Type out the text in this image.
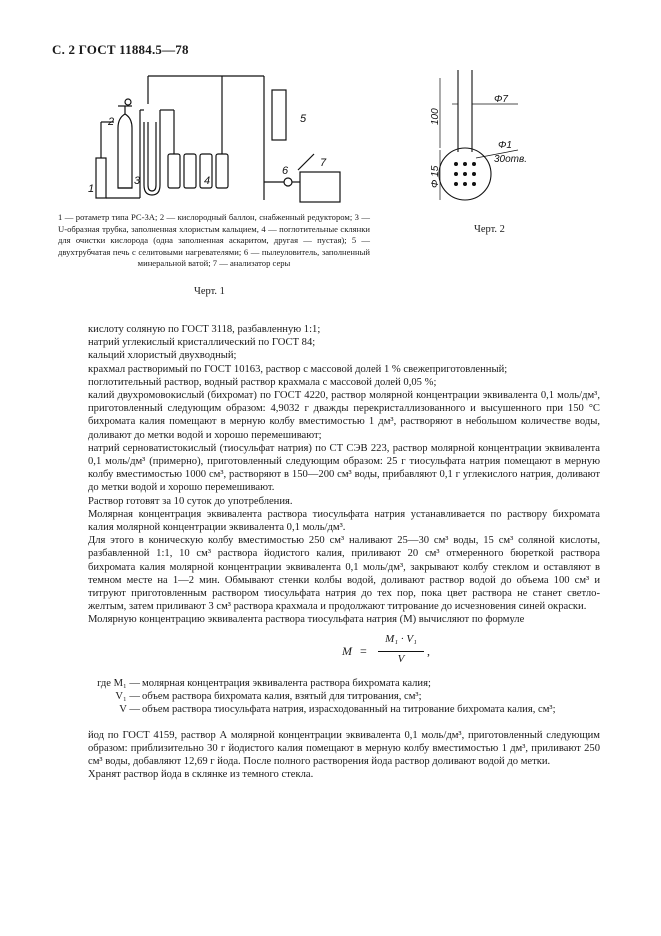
С. 2 ГОСТ 11884.5—78
1
2
3	4
5
6
7
100
Φ7
Φ1
30отв.
Φ 15
1 — ротаметр типа РС-3А; 2 — кислородный баллон, снабженный редуктором; 3 — U-образная трубка, заполненная хлористым кальцием, 4 — поглотительные склянки для очистки кислорода (одна заполненная аскаритом, другая — пустая); 5 — двухтрубчатая печь с селитовыми нагревателями; 6 — пылеуловитель, заполненный минеральной ватой; 7 — анализатор серы
Черт. 1
Черт. 2

кислоту соляную по ГОСТ 3118, разбавленную 1:1;

натрий углекислый кристаллический по ГОСТ 84;

кальций хлористый двухводный;

крахмал растворимый по ГОСТ 10163, раствор с массовой долей 1 % свежеприготовленный;

поглотительный раствор, водный раствор крахмала с массовой долей 0,05 %;

калий двухромовокислый (бихромат) по ГОСТ 4220, раствор молярной концентрации эквивалента 0,1 моль/дм³, приготовленный следующим образом: 4,9032 г дважды перекристаллизованного и высушенного при 150 °С бихромата калия помещают в мерную колбу вместимостью 1 дм³, растворяют в небольшом количестве воды, доливают до метки водой и хорошо перемешивают;

натрий серноватистокислый (тиосульфат натрия) по СТ СЭВ 223, раствор молярной концентрации эквивалента 0,1 моль/дм³ (примерно), приготовленный следующим образом: 25 г тиосульфата натрия помещают в мерную колбу вместимостью 1000 см³, растворяют в 150—200 см³ воды, прибавляют 0,1 г углекислого натрия, доливают до метки водой и хорошо перемешивают.

Раствор готовят за 10 суток до употребления.

Молярная концентрация эквивалента раствора тиосульфата натрия устанавливается по раствору бихромата калия молярной концентрации эквивалента 0,1 моль/дм³.

Для этого в коническую колбу вместимостью 250 см³ наливают 25—30 см³ воды, 15 см³ соляной кислоты, разбавленной 1:1, 10 см³ раствора йодистого калия, приливают 20 см³ отмеренного бюреткой раствора бихромата калия молярной концентрации эквивалента 0,1 моль/дм³, закрывают колбу стеклом и оставляют в темном месте на 1—2 мин. Обмывают стенки колбы водой, доливают раствор водой до объема 100 см³ и титруют приготовленным раствором тиосульфата натрия до тех пор, пока цвет раствора не станет светло-желтым, затем приливают 3 см³ раствора крахмала и продолжают титрование до исчезновения синей окраски.

Молярную концентрацию эквивалента раствора тиосульфата натрия (M) вычисляют по формуле

M =
M₁ · V₁
V
,
где M₁ — молярная концентрация эквивалента раствора бихромата калия;
V₁ — объем раствора бихромата калия, взятый для титрования, см³;
V — объем раствора тиосульфата натрия, израсходованный на титрование бихромата калия, см³;

йод по ГОСТ 4159, раствор А молярной концентрации эквивалента 0,1 моль/дм³, приготовленный следующим образом: приблизительно 30 г йодистого калия помещают в мерную колбу вместимостью 1 дм³, приливают 250 см³ воды, добавляют 12,69 г йода. После полного растворения йода раствор доливают водой до метки.

Хранят раствор йода в склянке из темного стекла.
